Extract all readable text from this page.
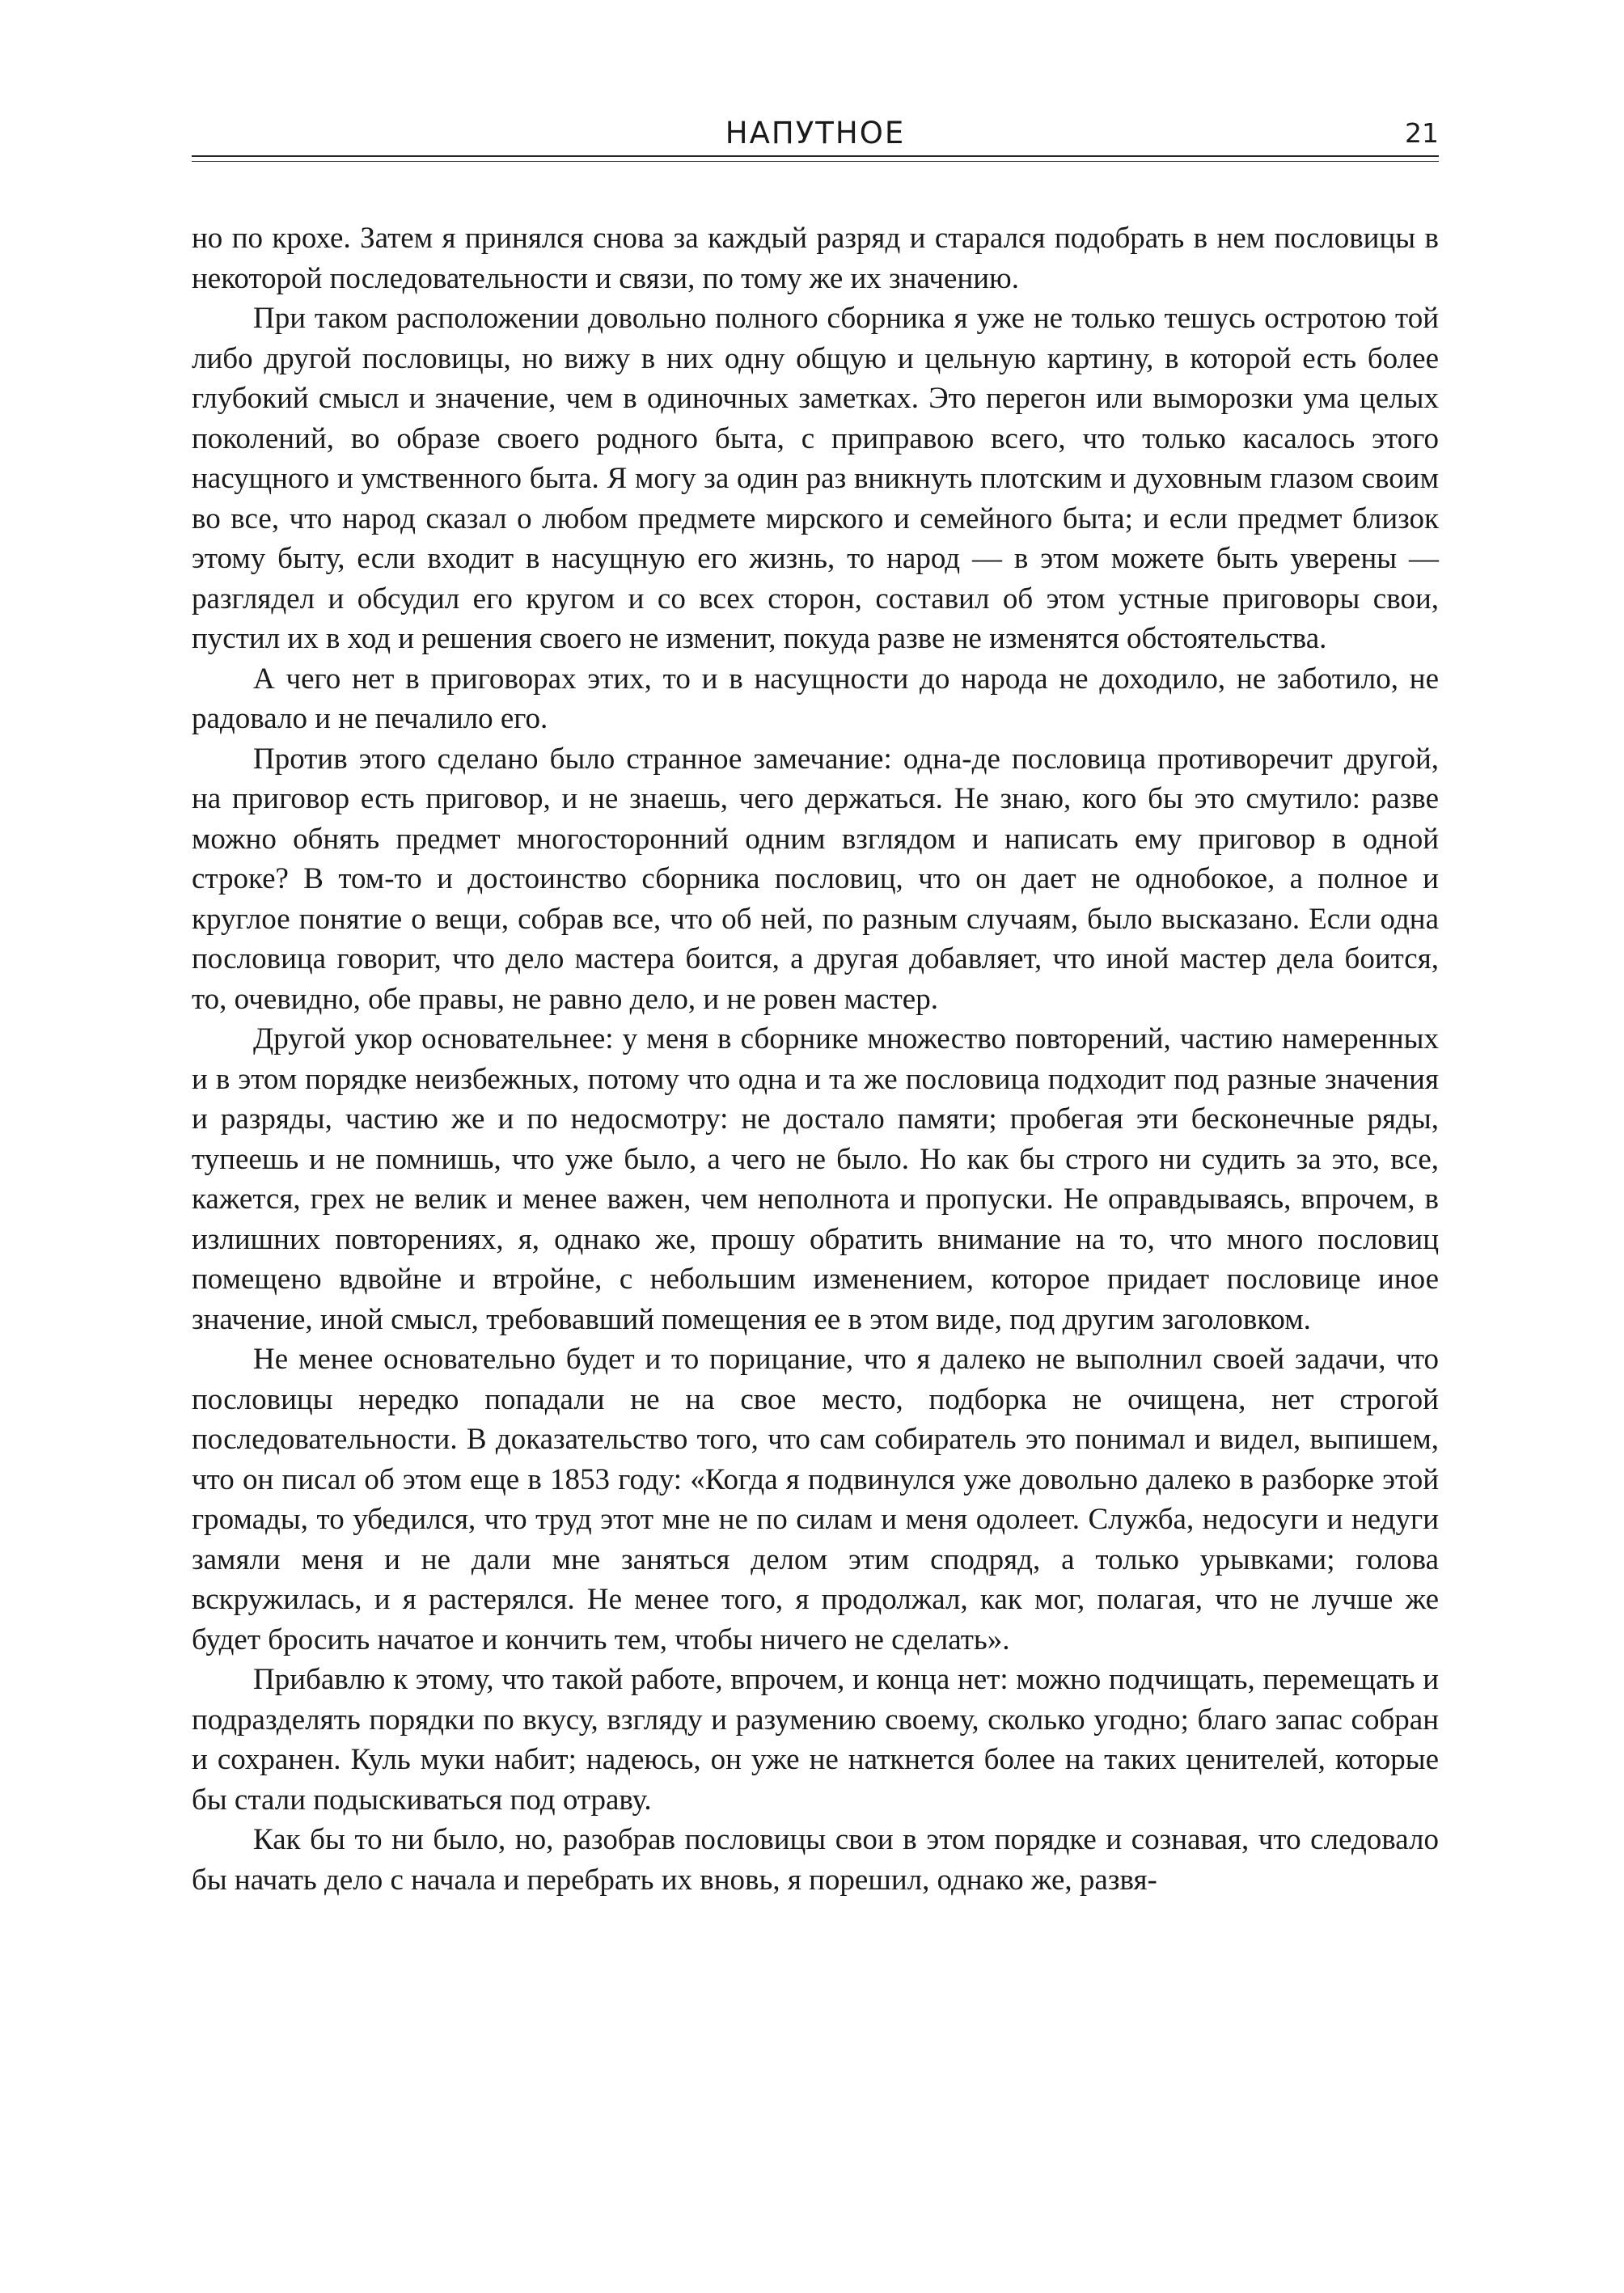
НАПУТНОЕ	21

но по крохе. Затем я принялся снова за каждый разряд и старался подобрать в нем пословицы в некоторой последовательности и связи, по тому же их значению.

При таком расположении довольно полного сборника я уже не только тешусь остротою той либо другой пословицы, но вижу в них одну общую и цельную картину, в которой есть более глубокий смысл и значение, чем в одиночных заметках. Это перегон или выморозки ума целых поколений, во образе своего родного быта, с приправою всего, что только касалось этого насущного и умственного быта. Я могу за один раз вникнуть плотским и духовным глазом своим во все, что народ сказал о любом предмете мирского и семейного быта; и если предмет близок этому быту, если входит в насущную его жизнь, то народ — в этом можете быть уверены — разглядел и обсудил его кругом и со всех сторон, составил об этом устные приговоры свои, пустил их в ход и решения своего не изменит, покуда разве не изменятся обстоятельства.

А чего нет в приговорах этих, то и в насущности до народа не доходило, не заботило, не радовало и не печалило его.

Против этого сделано было странное замечание: одна-де пословица противоречит другой, на приговор есть приговор, и не знаешь, чего держаться. Не знаю, кого бы это смутило: разве можно обнять предмет многосторонний одним взглядом и написать ему приговор в одной строке? В том-то и достоинство сборника пословиц, что он дает не однобокое, а полное и круглое понятие о вещи, собрав все, что об ней, по разным случаям, было высказано. Если одна пословица говорит, что дело мастера боится, а другая добавляет, что иной мастер дела боится, то, очевидно, обе правы, не равно дело, и не ровен мастер.

Другой укор основательнее: у меня в сборнике множество повторений, частию намеренных и в этом порядке неизбежных, потому что одна и та же пословица подходит под разные значения и разряды, частию же и по недосмотру: не достало памяти; пробегая эти бесконечные ряды, тупеешь и не помнишь, что уже было, а чего не было. Но как бы строго ни судить за это, все, кажется, грех не велик и менее важен, чем неполнота и пропуски. Не оправдываясь, впрочем, в излишних повторениях, я, однако же, прошу обратить внимание на то, что много пословиц помещено вдвойне и втройне, с небольшим изменением, которое придает пословице иное значение, иной смысл, требовавший помещения ее в этом виде, под другим заголовком.

Не менее основательно будет и то порицание, что я далеко не выполнил своей задачи, что пословицы нередко попадали не на свое место, подборка не очищена, нет строгой последовательности. В доказательство того, что сам собиратель это понимал и видел, выпишем, что он писал об этом еще в 1853 году: «Когда я подвинулся уже довольно далеко в разборке этой громады, то убедился, что труд этот мне не по силам и меня одолеет. Служба, недосуги и недуги замяли меня и не дали мне заняться делом этим сподряд, а только урывками; голова вскружилась, и я растерялся. Не менее того, я продолжал, как мог, полагая, что не лучше же будет бросить начатое и кончить тем, чтобы ничего не сделать».

Прибавлю к этому, что такой работе, впрочем, и конца нет: можно подчищать, перемещать и подразделять порядки по вкусу, взгляду и разумению своему, сколько угодно; благо запас собран и сохранен. Куль муки набит; надеюсь, он уже не наткнется более на таких ценителей, которые бы стали подыскиваться под отраву.

Как бы то ни было, но, разобрав пословицы свои в этом порядке и сознавая, что следовало бы начать дело с начала и перебрать их вновь, я порешил, однако же, развя-
